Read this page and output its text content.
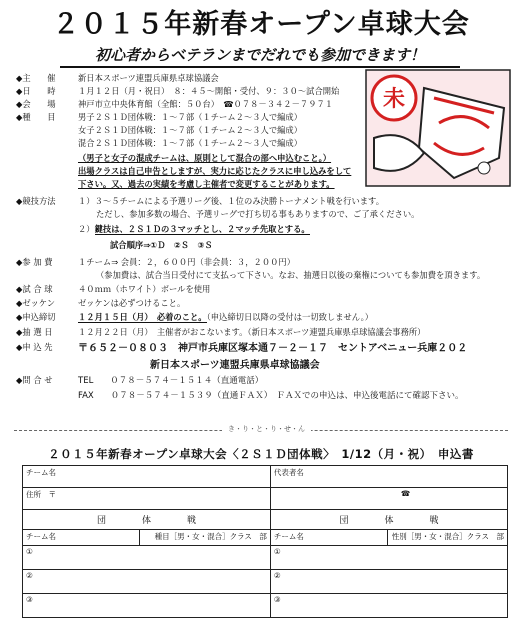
２０１５年新春オープン卓球大会
初心者からベテランまでだれでも参加できます！
未
◆主　　催	新日本スポーツ連盟兵庫県卓球協議会
◆日　　時	１月１２日（月・祝日）　８：４５～開館・受付、９：３０～試合開始
◆会　　場	神戸市立中央体育館（全館：５０台）　☎０７８－３４２－７９７１
◆種　　目	男子２Ｓ１Ｄ団体戦：１～７部（１チーム２～３人で編成）
女子２Ｓ１Ｄ団体戦：１～７部（１チーム２～３人で編成）
混合２Ｓ１Ｄ団体戦：１～７部（１チーム２～３人で編成）
（男子と女子の混成チームは、原則として混合の部へ申込むこと。）
出場クラスは自己申告としますが、実力に応じたクラスに申し込みをして
下さい。又、過去の実績を考慮し主催者で変更することがあります。
◆競技方法	１）３～５チームによる予選リーグ後、１位のみ決勝トーナメント戦を行います。
ただし、参加多数の場合、予選リーグで打ち切る事もありますので、ご了承ください。
２）鍵技は、２Ｓ１Ｄの３マッチとし、２マッチ先取とする。
試合順序⇒①Ｄ　②Ｓ　③Ｓ
◆参 加 費	１チーム⇒ 会員：２，６００円（非会員：３，２００円）
（参加費は、試合当日受付にて支払って下さい。なお、抽選日以後の棄権についても参加費を頂きます。
◆試 合 球	４０ｍｍ（ホワイト）ボールを使用
◆ゼッケン	ゼッケンは必ずつけること。
◆申込締切	１２月１５日（月）　必着のこと。（申込締切日以降の受付は一切致しません。）
◆抽 選 日	１２月２２日（月）　主催者がおこないます。（新日本スポーツ連盟兵庫県卓球協議会事務所）
◆申 込 先	〒６５２－０８０３　神戸市兵庫区塚本通７－２－１７　セントアベニュー兵庫２０２
新日本スポーツ連盟兵庫県卓球協議会
◆問 合 せ	TEL　　０７８－５７４－１５１４（直通電話）
FAX　　０７８－５７４－１５３９（直通ＦＡＸ）　ＦＡＸでの申込は、申込後電話にて確認下さい。
き・り・と・り・せ・ん
２０１５年新春オープン卓球大会〈２Ｓ１Ｄ団体戦〉　1/12（月・祝）　申込書
チーム名		代表者名	
住所　〒		☎	
団　　　　体　　　　戦		団　　　　体　　　　戦	
チーム名	種目［男・女・混合］クラス　部	チーム名	性別［男・女・混合］クラス　部
①		①	
②		②	
③		③	
